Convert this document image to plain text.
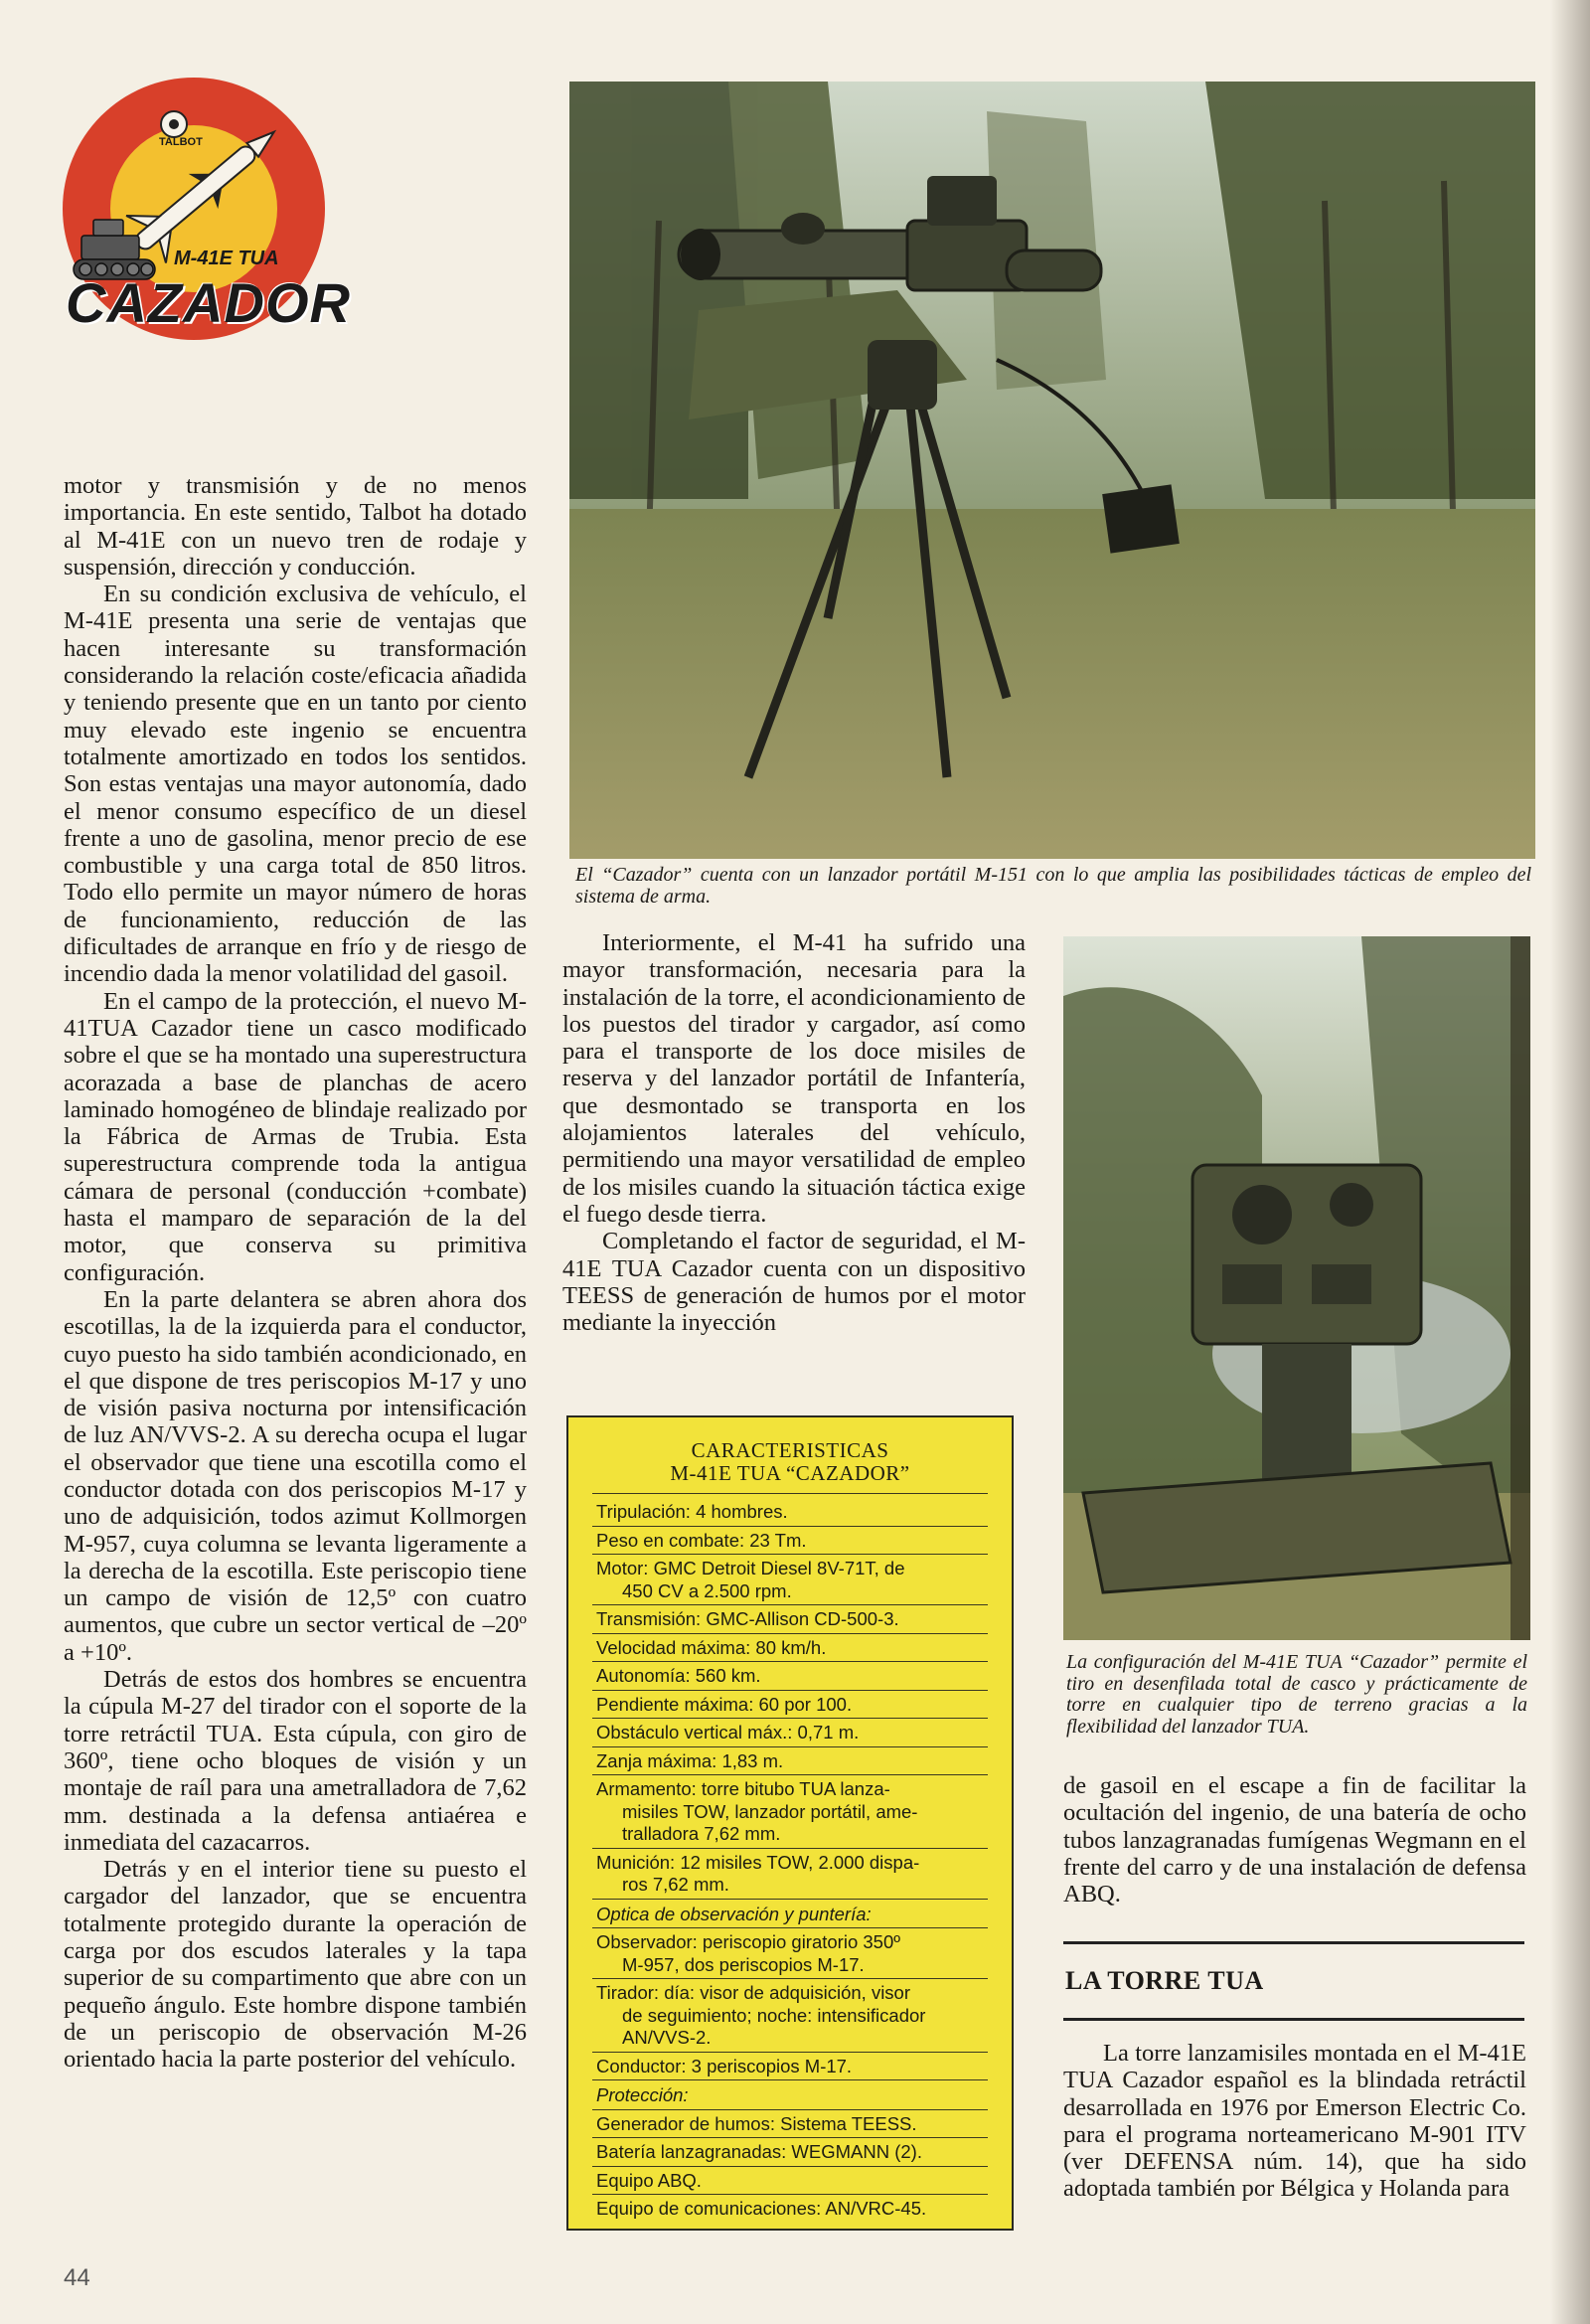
TALBOT
M-41E TUA
CAZADOR

motor y transmisión y de no menos importancia. En este sentido, Talbot ha dotado al M-41E con un nuevo tren de rodaje y suspensión, dirección y conducción.

En su condición exclusiva de vehículo, el M-41E presenta una serie de ventajas que hacen interesante su transformación considerando la relación coste/eficacia añadida y teniendo presente que en un tanto por ciento muy elevado este ingenio se encuentra totalmente amortizado en todos los sentidos. Son estas ventajas una mayor autonomía, dado el menor consumo específico de un diesel frente a uno de gasolina, menor precio de ese combustible y una carga total de 850 litros. Todo ello permite un mayor número de horas de funcionamiento, reducción de las dificultades de arranque en frío y de riesgo de incendio dada la menor volatilidad del gasoil.

En el campo de la protección, el nuevo M-41TUA Cazador tiene un casco modificado sobre el que se ha montado una superestructura acorazada a base de planchas de acero laminado homogéneo de blindaje realizado por la Fábrica de Armas de Trubia. Esta superestructura comprende toda la antigua cámara de personal (conducción +combate) hasta el mamparo de separación de la del motor, que conserva su primitiva configuración.

En la parte delantera se abren ahora dos escotillas, la de la izquierda para el conductor, cuyo puesto ha sido también acondicionado, en el que dispone de tres periscopios M-17 y uno de visión pasiva nocturna por intensificación de luz AN/VVS-2. A su derecha ocupa el lugar el observador que tiene una escotilla como el conductor dotada con dos periscopios M-17 y uno de adquisición, todos azimut Kollmorgen M-957, cuya columna se levanta ligeramente a la derecha de la escotilla. Este periscopio tiene un campo de visión de 12,5º con cuatro aumentos, que cubre un sector vertical de –20º a +10º.

Detrás de estos dos hombres se encuentra la cúpula M-27 del tirador con el soporte de la torre retráctil TUA. Esta cúpula, con giro de 360º, tiene ocho bloques de visión y un montaje de raíl para una ametralladora de 7,62 mm. destinada a la defensa antiaérea e inmediata del cazacarros.

Detrás y en el interior tiene su puesto el cargador del lanzador, que se encuentra totalmente protegido durante la operación de carga por dos escudos laterales y la tapa superior de su compartimento que abre con un pequeño ángulo. Este hombre dispone también de un periscopio de observación M-26 orientado hacia la parte posterior del vehículo.

El “Cazador” cuenta con un lanzador portátil M-151 con lo que amplia las posibilidades tácticas de empleo del sistema de arma.

Interiormente, el M-41 ha sufrido una mayor transformación, necesaria para la instalación de la torre, el acondicionamiento de los puestos del tirador y cargador, así como para el transporte de los doce misiles de reserva y del lanzador portátil de Infantería, que desmontado se transporta en los alojamientos laterales del vehículo, permitiendo una mayor versatilidad de empleo de los misiles cuando la situación táctica exige el fuego desde tierra.

Completando el factor de seguridad, el M-41E TUA Cazador cuenta con un dispositivo TEESS de generación de humos por el motor mediante la inyección

La configuración del M-41E TUA “Cazador” permite el tiro en desenfilada total de casco y prácticamente de torre en cualquier tipo de terreno gracias a la flexibilidad del lanzador TUA.

de gasoil en el escape a fin de facilitar la ocultación del ingenio, de una batería de ocho tubos lanzagranadas fumígenas Wegmann en el frente del carro y de una instalación de defensa ABQ.

LA TORRE TUA

La torre lanzamisiles montada en el M-41E TUA Cazador español es la blindada retráctil desarrollada en 1976 por Emerson Electric Co. para el programa norteamericano M-901 ITV (ver DEFENSA núm. 14), que ha sido adoptada también por Bélgica y Holanda para

CARACTERISTICAS
M-41E TUA “CAZADOR”
Tripulación: 4 hombres.
Peso en combate: 23 Tm.
Motor: GMC Detroit Diesel 8V-71T, de
450 CV a 2.500 rpm.
Transmisión: GMC-Allison CD-500-3.
Velocidad máxima: 80 km/h.
Autonomía: 560 km.
Pendiente máxima: 60 por 100.
Obstáculo vertical máx.: 0,71 m.
Zanja máxima: 1,83 m.
Armamento: torre bitubo TUA lanza-
misiles TOW, lanzador portátil, ame-
tralladora 7,62 mm.
Munición: 12 misiles TOW, 2.000 dispa-
ros 7,62 mm.
Optica de observación y puntería:
Observador: periscopio giratorio 350º
M-957, dos periscopios M-17.
Tirador: día: visor de adquisición, visor
de seguimiento; noche: intensificador
AN/VVS-2.
Conductor: 3 periscopios M-17.
Protección:
Generador de humos: Sistema TEESS.
Batería lanzagranadas: WEGMANN (2).
Equipo ABQ.
Equipo de comunicaciones: AN/VRC-45.
44
